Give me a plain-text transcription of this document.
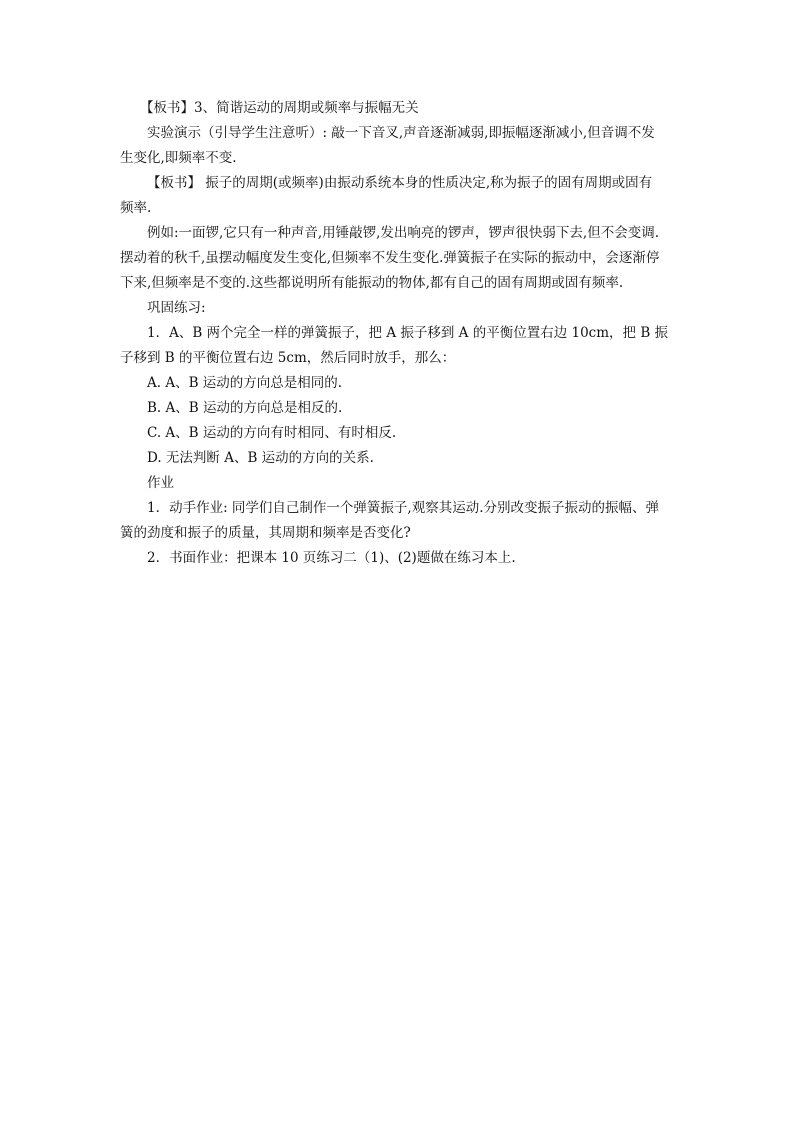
【板书】3、简谐运动的周期或频率与振幅无关

实验演示（引导学生注意听）: 敲一下音叉,声音逐渐减弱,即振幅逐渐减小,但音调不发
生变化,即频率不变.

【板书】 振子的周期(或频率)由振动系统本身的性质决定,称为振子的固有周期或固有
频率.

例如:一面锣,它只有一种声音,用锤敲锣,发出响亮的锣声，锣声很快弱下去,但不会变调.
摆动着的秋千,虽摆动幅度发生变化,但频率不发生变化.弹簧振子在实际的振动中，会逐渐停
下来,但频率是不变的.这些都说明所有能振动的物体,都有自己的固有周期或固有频率.

巩固练习:

1．A、B 两个完全一样的弹簧振子，把 A 振子移到 A 的平衡位置右边 10cm，把 B 振
子移到 B 的平衡位置右边 5cm，然后同时放手，那么：

A. A、B 运动的方向总是相同的.

B. A、B 运动的方向总是相反的.

C. A、B 运动的方向有时相同、有时相反.

D. 无法判断 A、B 运动的方向的关系.

作业

1．动手作业: 同学们自己制作一个弹簧振子,观察其运动.分别改变振子振动的振幅、弹
簧的劲度和振子的质量，其周期和频率是否变化?

2．书面作业：把课本 10 页练习二（1)、(2)题做在练习本上.
